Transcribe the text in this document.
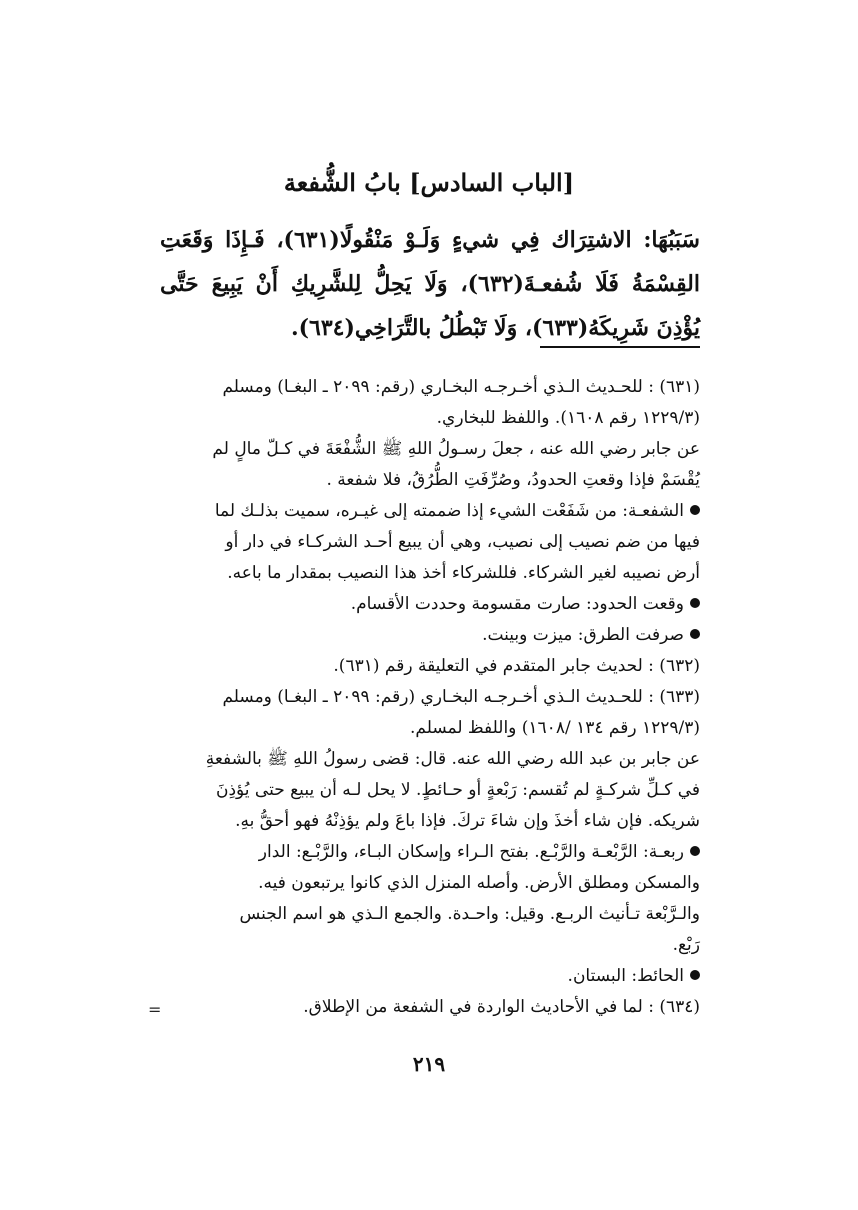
[الباب السادس] بابُ الشُّفعة

سَبَبُهَا: الاشتِرَاك فِي شيءٍ وَلَـوْ مَنْقُولًا(٦٣١)، فَـإِذَا وَقَعَتِ القِسْمَةُ فَلَا شُفعـةَ(٦٣٢)، وَلَا يَحِلُّ لِلشَّرِيكِ أَنْ يَبِيعَ حَتَّى يُؤْذِنَ شَرِيكَهُ(٦٣٣)، وَلَا تَبْطُلُ بالتَّرَاخِي(٦٣٤).

(٦٣١) : للحـديث الـذي أخـرجـه البخـاري (رقم: ٢٠٩٩ ـ البغـا) ومسلم

(١٢٢٩/٣ رقم ١٦٠٨). واللفظ للبخاري.

عن جابر رضي الله عنه ، جعلَ رسـولُ اللهِ ﷺ الشُّفْعَةَ في كـلّ مالٍ لم

يُقْسَمْ فإذا وقعتِ الحدودُ، وصُرِّفَتِ الطُّرُقُ، فلا شفعة .

الشفعـة: من شَفَعْت الشيء إذا ضممته إلى غيـره، سميت بذلـك لما

فيها من ضم نصيب إلى نصيب، وهي أن يبيع أحـد الشركـاء في دار أو

أرض نصيبه لغير الشركاء. فللشركاء أخذ هذا النصيب بمقدار ما باعه.

وقعت الحدود: صارت مقسومة وحددت الأقسام.

صرفت الطرق: ميزت وبينت.

(٦٣٢) : لحديث جابر المتقدم في التعليقة رقم (٦٣١).

(٦٣٣) : للحـديث الـذي أخـرجـه البخـاري (رقم: ٢٠٩٩ ـ البغـا) ومسلم

(١٢٢٩/٣ رقم ١٣٤ /١٦٠٨) واللفظ لمسلم.

عن جابر بن عبد الله رضي الله عنه. قال: قضى رسولُ اللهِ ﷺ بالشفعةِ

في كـلِّ شركـةٍ لم تُقسم: رَبْعةٍ أو حـائطٍ. لا يحل لـه أن يبيع حتى يُؤذِنَ

شريكه. فإن شاء أخذَ وإن شاءَ تركَ. فإذا باعَ ولم يؤذِنْهُ فهو أحقُّ بهِ.

ربعـة: الرَّبْعـة والرَّبْـع. بفتح الـراء وإسكان البـاء، والرَّبْـع: الدار

والمسكن ومطلق الأرض. وأصله المنزل الذي كانوا يرتبعون فيه.

والـرَّبْعة تـأنيث الربـع. وقيل: واحـدة. والجمع الـذي هو اسم الجنس

رَبْع.

الحائط: البستان.

(٦٣٤) : لما في الأحاديث الواردة في الشفعة من الإطلاق.

=
٢١٩
